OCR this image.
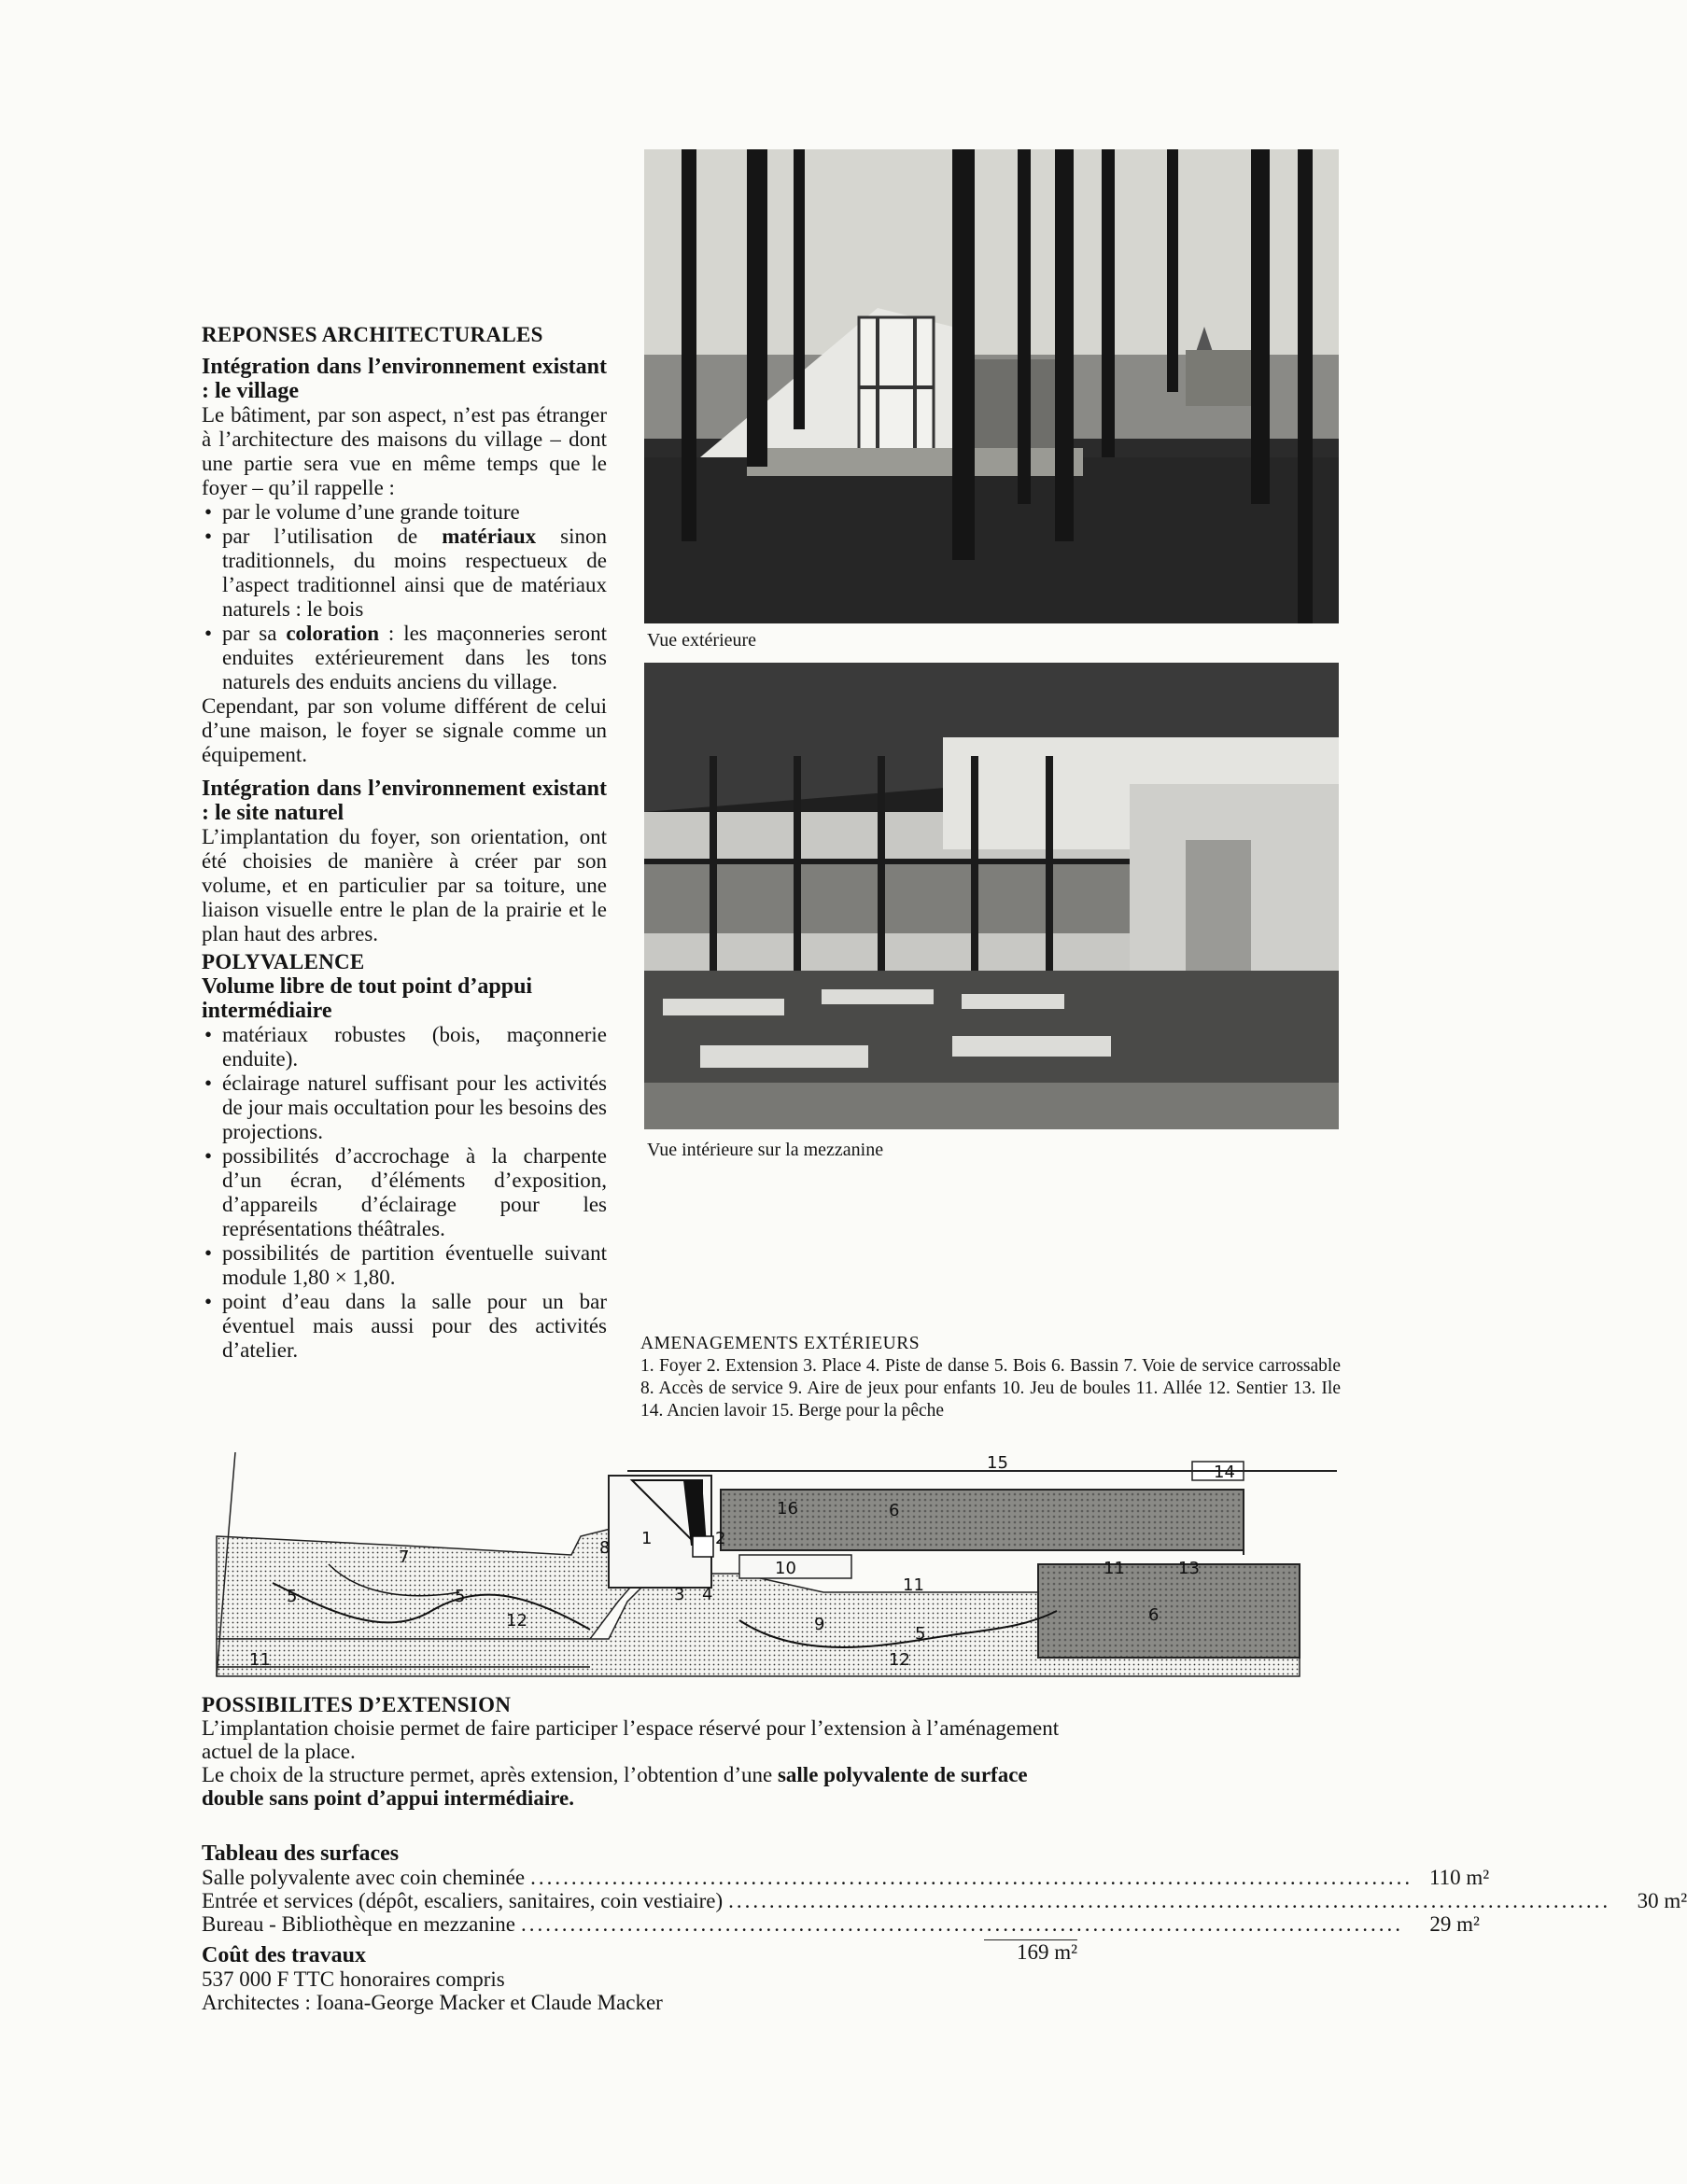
REPONSES ARCHITECTURALES

Intégration dans l’environnement existant : le village

Le bâtiment, par son aspect, n’est pas étranger à l’architecture des maisons du village – dont une partie sera vue en même temps que le foyer – qu’il rappelle :

• par le volume d’une grande toiture
• par l’utilisation de matériaux sinon traditionnels, du moins respectueux de l’aspect traditionnel ainsi que de matériaux naturels : le bois
• par sa coloration : les maçonneries seront enduites extérieurement dans les tons naturels des enduits anciens du village.

Cependant, par son volume différent de celui d’une maison, le foyer se signale comme un équipement.

Intégration dans l’environnement existant : le site naturel

L’implantation du foyer, son orientation, ont été choisies de manière à créer par son volume, et en particulier par sa toiture, une liaison visuelle entre le plan de la prairie et le plan haut des arbres.

POLYVALENCE

Volume libre de tout point d’appui intermédiaire

• matériaux robustes (bois, maçonnerie enduite).
• éclairage naturel suffisant pour les activités de jour mais occultation pour les besoins des projections.
• possibilités d’accrochage à la charpente d’un écran, d’éléments d’exposition, d’appareils d’éclairage pour les représentations théâtrales.
• possibilités de partition éventuelle suivant module 1,80 × 1,80.
• point d’eau dans la salle pour un bar éventuel mais aussi pour des activités d’atelier.
Vue extérieure
Vue intérieure sur la mezzanine
AMENAGEMENTS EXTÉRIEURS
1. Foyer 2. Extension 3. Place 4. Piste de danse 5. Bois 6. Bassin 7. Voie de service carrossable 8. Accès de service 9. Aire de jeux pour enfants 10. Jeu de boules 11. Allée 12. Sentier 13. Ile 14. Ancien lavoir 15. Berge pour la pêche
1	2
3 4
5	5
5
6
6
7	8
9
10
11
11
11
12
12
13
14
15
16
POSSIBILITES D’EXTENSION
L’implantation choisie permet de faire participer l’espace réservé pour l’extension à l’aménagement actuel de la place.
Le choix de la structure permet, après extension, l’obtention d’une salle polyvalente de surface double sans point d’appui intermédiaire.
Tableau des surfaces
Salle polyvalente avec coin cheminée ............................................................................................................ 110 m²
Entrée et services (dépôt, escaliers, sanitaires, coin vestiaire) ............................................................................................................	30 m²
Bureau - Bibliothèque en mezzanine ............................................................................................................	29 m²
169 m²
Coût des travaux
537 000 F TTC honoraires compris
Architectes : Ioana-George Macker et Claude Macker
